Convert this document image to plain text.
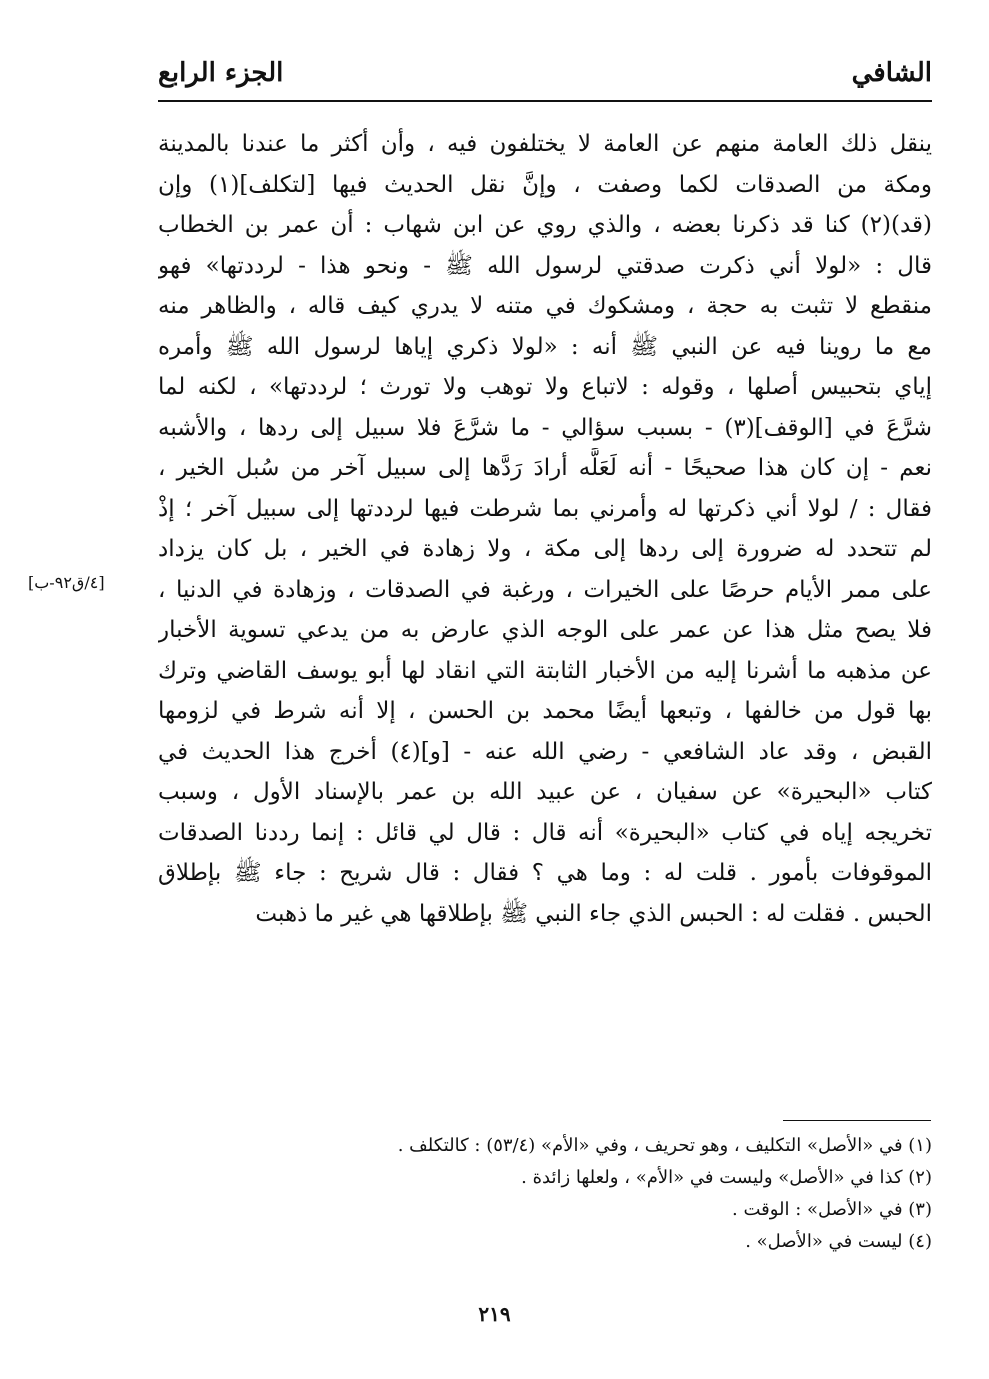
الشافي
الجزء الرابع
ينقل ذلك العامة منهم عن العامة لا يختلفون فيه ، وأن أكثر ما عندنا بالمدينة
ومكة من الصدقات لكما وصفت ، وإنَّ نقل الحديث فيها [لتكلف](١) وإن
(قد)(٢) كنا قد ذكرنا بعضه ، والذي روي عن ابن شهاب : أن عمر بن الخطاب
قال : «لولا أني ذكرت صدقتي لرسول الله ﷺ - ونحو هذا - لرددتها» فهو
منقطع لا تثبت به حجة ، ومشكوك في متنه لا يدري كيف قاله ، والظاهر منه
مع ما روينا فيه عن النبي ﷺ أنه : «لولا ذكري إياها لرسول الله ﷺ وأمره
إياي بتحبيس أصلها ، وقوله : لاتباع ولا توهب ولا تورث ؛ لرددتها» ، لكنه لما
شرَّعَ في [الوقف](٣) - بسبب سؤالي - ما شرَّعَ فلا سبيل إلى ردها ، والأشبه
نعم - إن كان هذا صحيحًا - أنه لَعَلَّه أرادَ رَدَّها إلى سبيل آخر من سُبل الخير ،
فقال : / لولا أني ذكرتها له وأمرني بما شرطت فيها لرددتها إلى سبيل آخر ؛ إذْ
لم تتحدد له ضرورة إلى ردها إلى مكة ، ولا زهادة في الخير ، بل كان يزداد
على ممر الأيام حرصًا على الخيرات ، ورغبة في الصدقات ، وزهادة في الدنيا ،
فلا يصح مثل هذا عن عمر على الوجه الذي عارض به من يدعي تسوية الأخبار
عن مذهبه ما أشرنا إليه من الأخبار الثابتة التي انقاد لها أبو يوسف القاضي وترك
بها قول من خالفها ، وتبعها أيضًا محمد بن الحسن ، إلا أنه شرط في لزومها
القبض ، وقد عاد الشافعي - رضي الله عنه - [و](٤) أخرج هذا الحديث في
كتاب «البحيرة» عن سفيان ، عن عبيد الله بن عمر بالإسناد الأول ، وسبب
تخريجه إياه في كتاب «البحيرة» أنه قال : قال لي قائل : إنما رددنا الصدقات
الموقوفات بأمور . قلت له : وما هي ؟ فقال : قال شريح : جاء ﷺ بإطلاق
الحبس . فقلت له : الحبس الذي جاء النبي ﷺ بإطلاقها هي غير ما ذهبت
[٤/ق٩٢-ب]
(١) في «الأصل» التكليف ، وهو تحريف ، وفي «الأم» (٥٣/٤) : كالتكلف .
(٢) كذا في «الأصل» وليست في «الأم» ، ولعلها زائدة .
(٣) في «الأصل» : الوقت .
(٤) ليست في «الأصل» .
٢١٩
